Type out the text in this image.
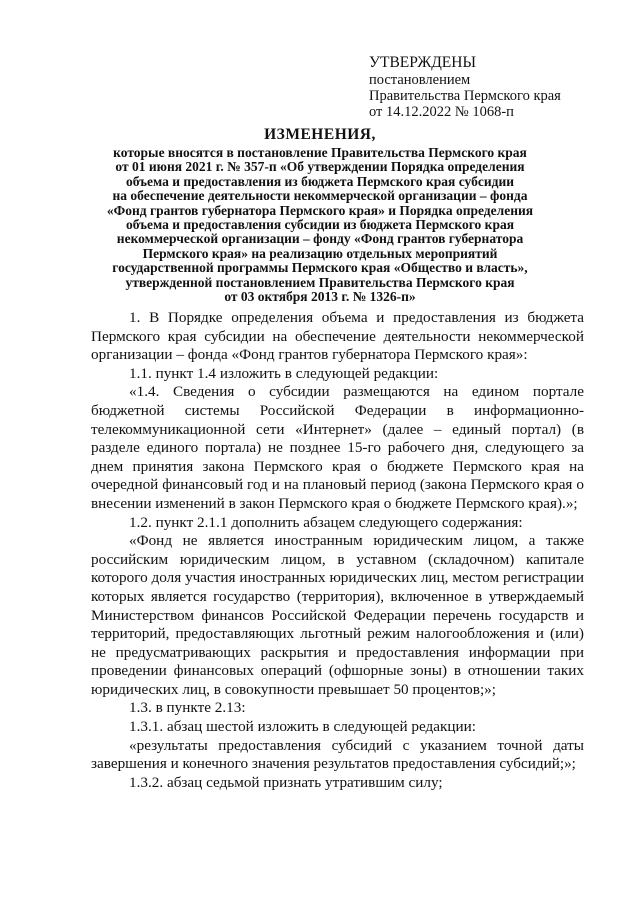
УТВЕРЖДЕНЫ
постановлением
Правительства Пермского края
от 14.12.2022 № 1068-п
ИЗМЕНЕНИЯ,
которые вносятся в постановление Правительства Пермского края
от 01 июня 2021 г. № 357-п «Об утверждении Порядка определения
объема и предоставления из бюджета Пермского края субсидии
на обеспечение деятельности некоммерческой организации – фонда
«Фонд грантов губернатора Пермского края» и Порядка определения
объема и предоставления субсидии из бюджета Пермского края
некоммерческой организации – фонду «Фонд грантов губернатора
Пермского края» на реализацию отдельных мероприятий
государственной программы Пермского края «Общество и власть»,
утвержденной постановлением Правительства Пермского края
от 03 октября 2013 г. № 1326-п»

1. В Порядке определения объема и предоставления из бюджета Пермского края субсидии на обеспечение деятельности некоммерческой организации – фонда «Фонд грантов губернатора Пермского края»:

1.1. пункт 1.4 изложить в следующей редакции:

«1.4. Сведения о субсидии размещаются на едином портале бюджетной системы Российской Федерации в информационно-телекоммуникационной сети «Интернет» (далее – единый портал) (в разделе единого портала) не позднее 15-го рабочего дня, следующего за днем принятия закона Пермского края о бюджете Пермского края на очередной финансовый год и на плановый период (закона Пермского края о внесении изменений в закон Пермского края о бюджете Пермского края).»;

1.2. пункт 2.1.1 дополнить абзацем следующего содержания:

«Фонд не является иностранным юридическим лицом, а также российским юридическим лицом, в уставном (складочном) капитале которого доля участия иностранных юридических лиц, местом регистрации которых является государство (территория), включенное в утверждаемый Министерством финансов Российской Федерации перечень государств и территорий, предоставляющих льготный режим налогообложения и (или) не предусматривающих раскрытия и предоставления информации при проведении финансовых операций (офшорные зоны) в отношении таких юридических лиц, в совокупности превышает 50 процентов;»;

1.3. в пункте 2.13:

1.3.1. абзац шестой изложить в следующей редакции:

«результаты предоставления субсидий с указанием точной даты завершения и конечного значения результатов предоставления субсидий;»;

1.3.2. абзац седьмой признать утратившим силу;
